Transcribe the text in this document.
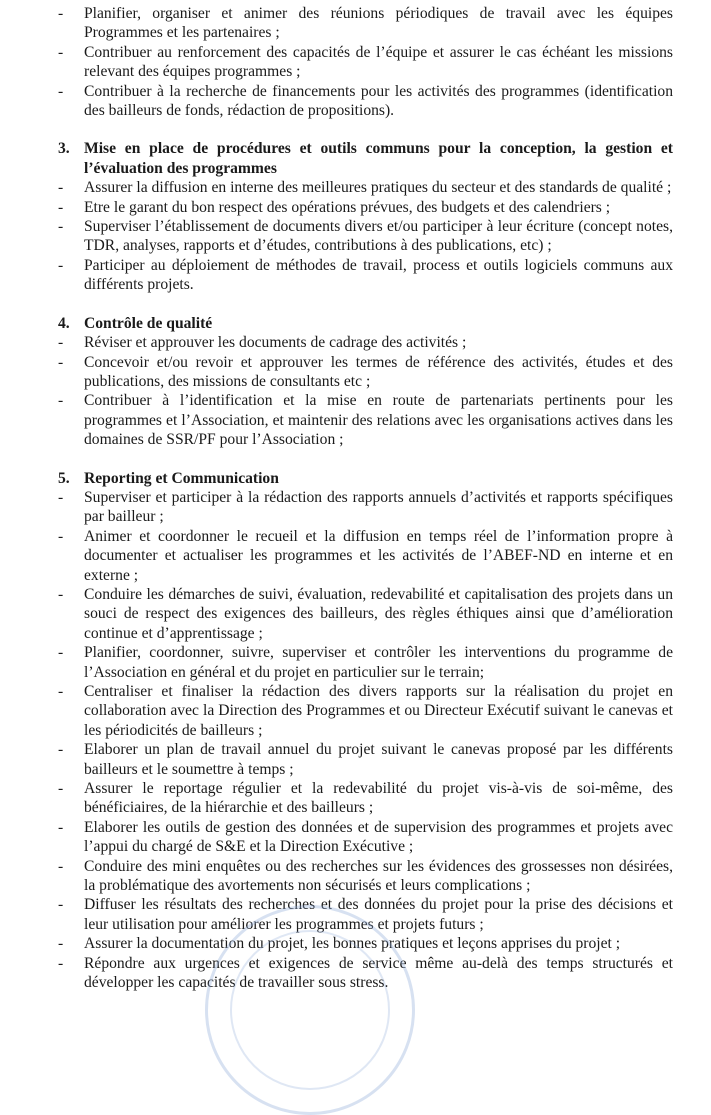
- Planifier, organiser et animer des réunions périodiques de travail avec les équipes Programmes et les partenaires ;
- Contribuer au renforcement des capacités de l’équipe et assurer le cas échéant les missions relevant des équipes programmes ;
- Contribuer à la recherche de financements pour les activités des programmes (identification des bailleurs de fonds, rédaction de propositions).
3. Mise en place de procédures et outils communs pour la conception, la gestion et l’évaluation des programmes
- Assurer la diffusion en interne des meilleures pratiques du secteur et des standards de qualité ;
- Etre le garant du bon respect des opérations prévues, des budgets et des calendriers ;
- Superviser l’établissement de documents divers et/ou participer à leur écriture (concept notes, TDR, analyses, rapports et d’études, contributions à des publications, etc) ;
- Participer au déploiement de méthodes de travail, process et outils logiciels communs aux différents projets.
4. Contrôle de qualité
- Réviser et approuver les documents de cadrage des activités ;
- Concevoir et/ou revoir et approuver les termes de référence des activités, études et des publications, des missions de consultants etc ;
- Contribuer à l’identification et la mise en route de partenariats pertinents pour les programmes et l’Association, et maintenir des relations avec les organisations actives dans les domaines de SSR/PF pour l’Association ;
5. Reporting et Communication
- Superviser et participer à la rédaction des rapports annuels d’activités et rapports spécifiques par bailleur ;
- Animer et coordonner le recueil et la diffusion en temps réel de l’information propre à documenter et actualiser les programmes et les activités de l’ABEF-ND en interne et en externe ;
- Conduire les démarches de suivi, évaluation, redevabilité et capitalisation des projets dans un souci de respect des exigences des bailleurs, des règles éthiques ainsi que d’amélioration continue et d’apprentissage ;
- Planifier, coordonner, suivre, superviser et contrôler les interventions du programme de l’Association en général et du projet en particulier sur le terrain;
- Centraliser et finaliser la rédaction des divers rapports sur la réalisation du projet en collaboration avec la Direction des Programmes et ou Directeur Exécutif suivant le canevas et les périodicités de bailleurs ;
- Elaborer un plan de travail annuel du projet suivant le canevas proposé par les différents bailleurs et le soumettre à temps ;
- Assurer le reportage régulier et la redevabilité du projet vis-à-vis de soi-même, des bénéficiaires, de la hiérarchie et des bailleurs ;
- Elaborer les outils de gestion des données et de supervision des programmes et projets avec l’appui du chargé de S&E et la Direction Exécutive ;
- Conduire des mini enquêtes ou des recherches sur les évidences des grossesses non désirées, la problématique des avortements non sécurisés et leurs complications ;
- Diffuser les résultats des recherches et des données du projet pour la prise des décisions et leur utilisation pour améliorer les programmes et projets futurs ;
- Assurer la documentation du projet, les bonnes pratiques et leçons apprises du projet ;
- Répondre aux urgences et exigences de service même au-delà des temps structurés et développer les capacités de travailler sous stress.
